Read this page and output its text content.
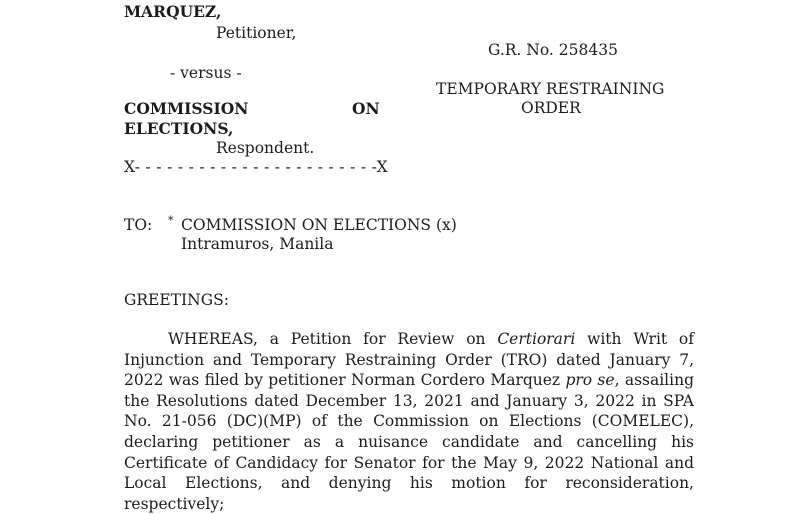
MARQUEZ,
Petitioner,
- versus -
COMMISSION	ON
ELECTIONS,
Respondent.
X- - - - - - - - - - - - - - - - - - - - - - -X
G.R. No. 258435
TEMPORARY RESTRAINING
ORDER
TO: * COMMISSION ON ELECTIONS (x)
Intramuros, Manila
GREETINGS:
WHEREAS, a Petition for Review on Certiorari with Writ of Injunction and Temporary Restraining Order (TRO) dated January 7, 2022 was filed by petitioner Norman Cordero Marquez pro se, assailing the Resolutions dated December 13, 2021 and January 3, 2022 in SPA No. 21-056 (DC)(MP) of the Commission on Elections (COMELEC), declaring petitioner as a nuisance candidate and cancelling his Certificate of Candidacy for Senator for the May 9, 2022 National and Local Elections, and denying his motion for reconsideration, respectively;
